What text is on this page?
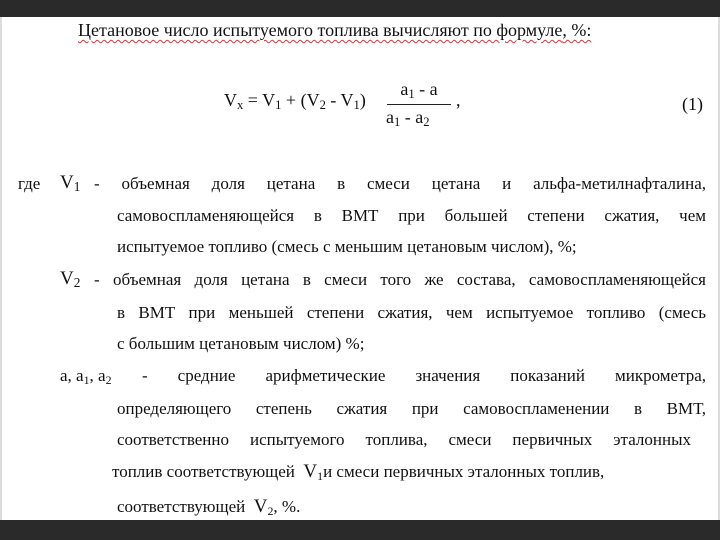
Цетановое число испытуемого топлива вычисляют по формуле, %:
$V_x = V_1 + (V_2 - V_1)$
$a_1$ - a
$a_1 - a_2$
,	(1)
где $V_1$ - объемная доля цетана в смеси цетана и альфа-метилнафталина,
самовоспламеняющейся в ВМТ при большей степени сжатия, чем
испытуемое топливо (смесь с меньшим цетановым числом), %;
$V_2$ - объемная доля цетана в смеси того же состава, самовоспламеняющейся
в ВМТ при меньшей степени сжатия, чем испытуемое топливо (смесь
с большим цетановым числом) %;
a, $a_1$, $a_2$ - средние арифметические значения показаний микрометра,
определяющего степень сжатия при самовоспламенении в ВМТ,
соответственно испытуемого топлива, смеси первичных эталонных
топлив соответствующей $V_1и$ смеси первичных эталонных топлив,
соответствующей $V_2$, %.
